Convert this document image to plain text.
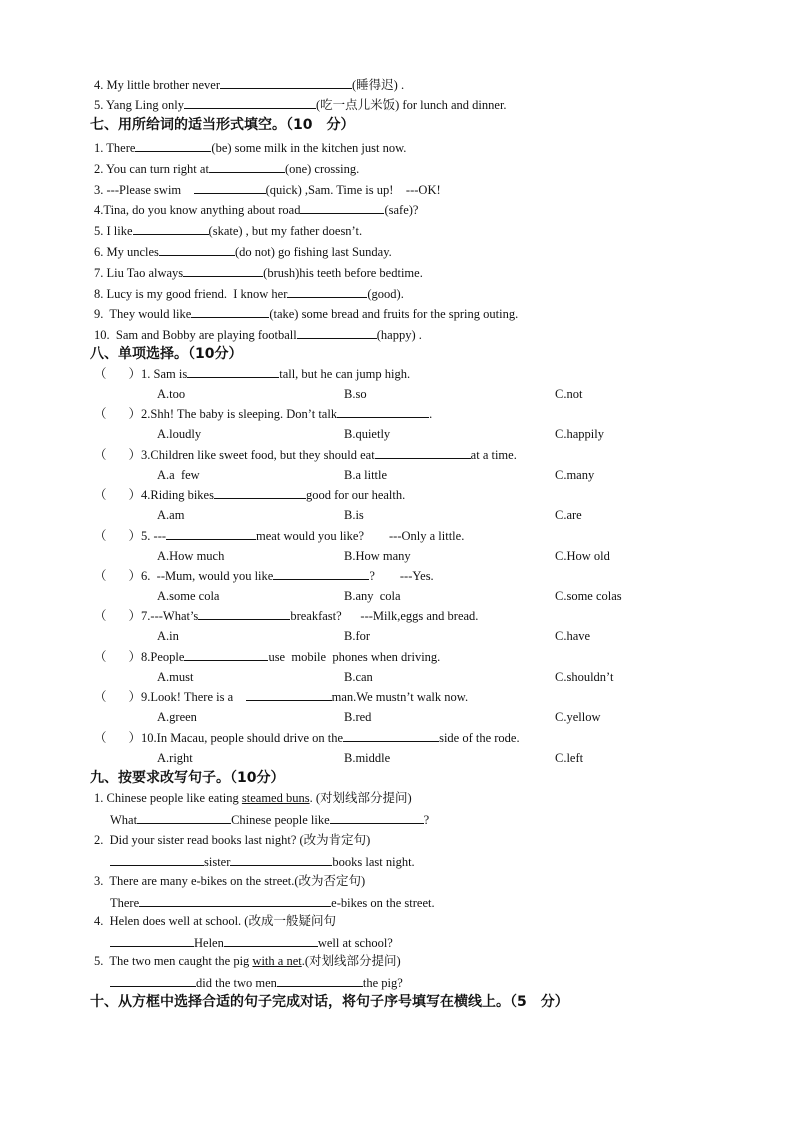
4. My little brother never	(睡得迟) .
5. Yang Ling only	(吃一点儿米饭) for lunch and dinner.
七、用所给词的适当形式填空。（10　分）
1. There	(be) some milk in the kitchen just now.
2. You can turn right at	(one) crossing.
3. ---Please swim	(quick) ,Sam. Time is up!    ---OK!
4.Tina, do you know anything about road	(safe)?
5. I like	(skate) , but my father doesn’t.
6. My uncles	(do not) go fishing last Sunday.
7. Liu Tao always	(brush)his teeth before bedtime.
8. Lucy is my good friend.  I know her	(good).
9.  They would like	(take) some bread and fruits for the spring outing.
10.  Sam and Bobby are playing football	(happy) .
八、单项选择。（10分）
（ ）1. Sam is	tall, but he can jump high.
A.too	B.so	C.not
（ ）2.Shh! The baby is sleeping. Don’t talk	.
A.loudly	B.quietly	C.happily
（ ）3.Children like sweet food, but they should eat	at a time.
A.a  few	B.a little	C.many
（ ）4.Riding bikes	good for our health.
A.am	B.is	C.are
（ ）5. ---	meat would you like?        ---Only a little.
A.How much	B.How many	C.How old
（ ）6.  --Mum, would you like	?        ---Yes.
A.some cola	B.any  cola	C.some colas
（ ）7.---What’s	breakfast?      ---Milk,eggs and bread.
A.in	B.for	C.have
（ ）8.People	use  mobile  phones when driving.
A.must	B.can	C.shouldn’t
（ ）9.Look! There is a	man.We mustn’t walk now.
A.green	B.red	C.yellow
（ ）10.In Macau, people should drive on the	side of the rode.
A.right	B.middle	C.left
九、按要求改写句子。（10分）
1. Chinese people like eating steamed buns. (对划线部分提问)
What	Chinese people like	?
2.  Did your sister read books last night? (改为肯定句)
sister	books last night.
3.  There are many e-bikes on the street.(改为否定句)
There	e-bikes on the street.
4.  Helen does well at school. (改成一般疑问句
Helen	well at school?
5.  The two men caught the pig with a net.(对划线部分提问)
did the two men	the pig?
十、从方框中选择合适的句子完成对话，将句子序号填写在横线上。（5　分）
